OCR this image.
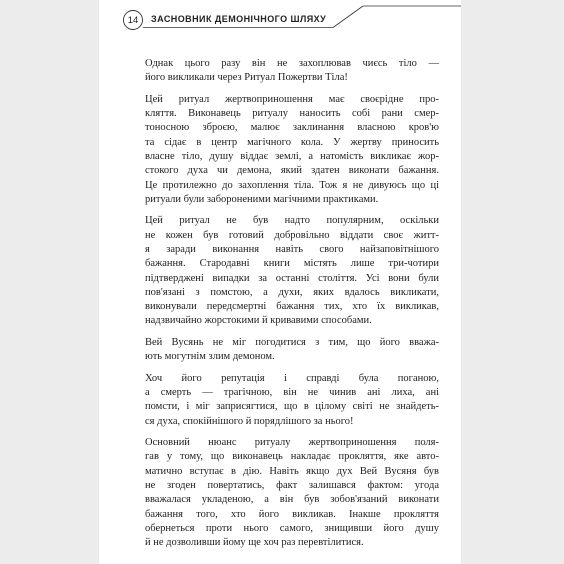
14	ЗАСНОВНИК ДЕМОНІЧНОГО ШЛЯХУ

Однак цього разу він не захоплював чиєсь тіло —
його викликали через Ритуал Пожертви Тіла!

Цей ритуал жертвоприношення має своєрідне про-
кляття. Виконавець ритуалу наносить собі рани смер-
тоносною зброєю, малює заклинання власною кров'ю
та сідає в центр магічного кола. У жертву приносить
власне тіло, душу віддає землі, а натомість викликає жор-
стокого духа чи демона, який здатен виконати бажання.
Це протилежно до захоплення тіла. Тож я не дивуюсь що ці
ритуали були забороненими магічними практиками.

Цей ритуал не був надто популярним, оскільки
не кожен був готовий добровільно віддати своє житт-
я заради виконання навіть свого найзаповітнішого
бажання. Стародавні книги містять лише три-чотири
підтверджені випадки за останні століття. Усі вони були
пов'язані з помстою, а духи, яких вдалось викликати,
виконували передсмертні бажання тих, хто їх викликав,
надзвичайно жорстокими й кривавими способами.

Вей Вусянь не міг погодитися з тим, що його вважа-
ють могутнім злим демоном.

Хоч його репутація і справді була поганою,
а смерть — трагічною, він не чинив ані лиха, ані
помсти, і міг заприсягтися, що в цілому світі не знайдеть-
ся духа, спокійнішого й порядлішого за нього!

Основний нюанс ритуалу жертвоприношення поля-
гав у тому, що виконавець накладає прокляття, яке авто-
матично вступає в дію. Навіть якщо дух Вей Вусяня був
не згоден повертатись, факт залишався фактом: угода
вважалася укладеною, а він був зобов'язаний виконати
бажання того, хто його викликав. Інакше прокляття
обернеться проти нього самого, знищивши його душу
й не дозволивши йому ще хоч раз перевтілитися.
